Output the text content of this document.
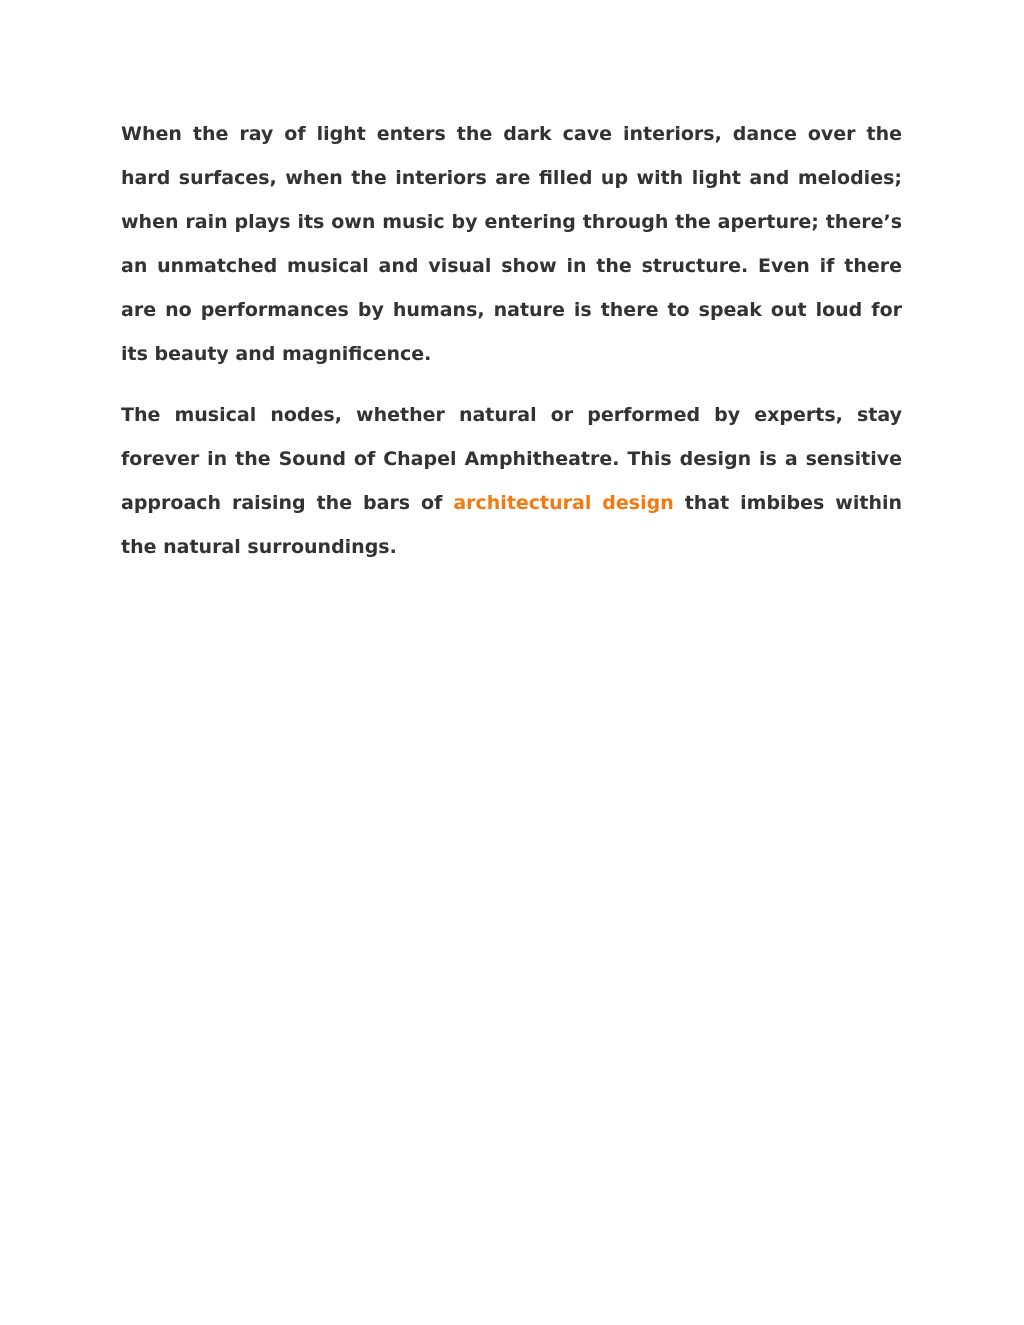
When the ray of light enters the dark cave interiors, dance over the hard surfaces, when the interiors are filled up with light and melodies; when rain plays its own music by entering through the aperture; there’s an unmatched musical and visual show in the structure. Even if there are no performances by humans, nature is there to speak out loud for its beauty and magnificence.

The musical nodes, whether natural or performed by experts, stay forever in the Sound of Chapel Amphitheatre. This design is a sensitive approach raising the bars of architectural design that imbibes within the natural surroundings.
